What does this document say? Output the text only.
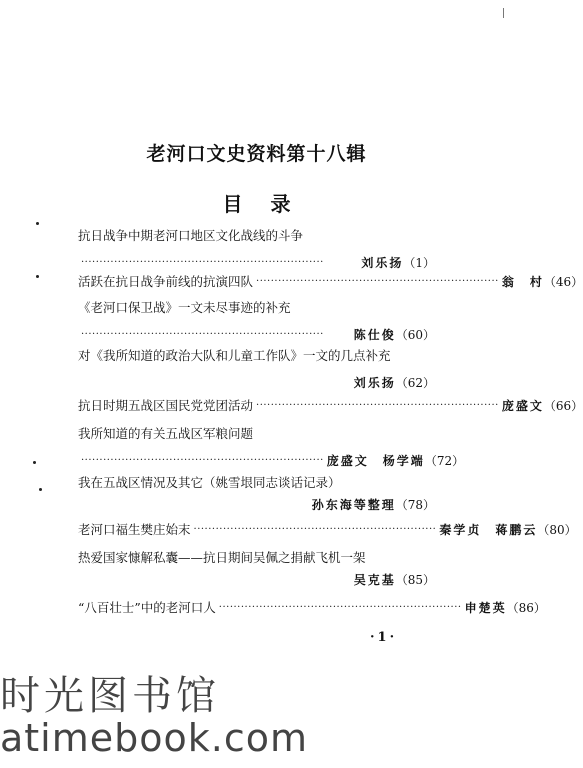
老河口文史资料第十八辑
目录
抗日战争中期老河口地区文化战线的斗争
··································································	刘乐扬 （1）
活跃在抗日战争前线的抗演四队 ·································································· 翁　村 （46）
《老河口保卫战》一文未尽事迹的补充
··································································	陈仕俊 （60）
对《我所知道的政治大队和儿童工作队》一文的几点补充
刘乐扬 （62）
抗日时期五战区国民党党团活动 ·································································· 庞盛文 （66）
我所知道的有关五战区军粮问题
·································································· 庞盛文　杨学端 （72）
我在五战区情况及其它（姚雪垠同志谈话记录）
孙东海等整理 （78）
老河口福生樊庄始末 ·································································· 秦学贞　蒋鹏云 （80）
热爱国家慷解私囊——抗日期间吴佩之捐献飞机一架
吴克基 （85）
“八百壮士”中的老河口人 ·································································· 申楚英 （86）
·1·
时光图书馆
atimebook.com
